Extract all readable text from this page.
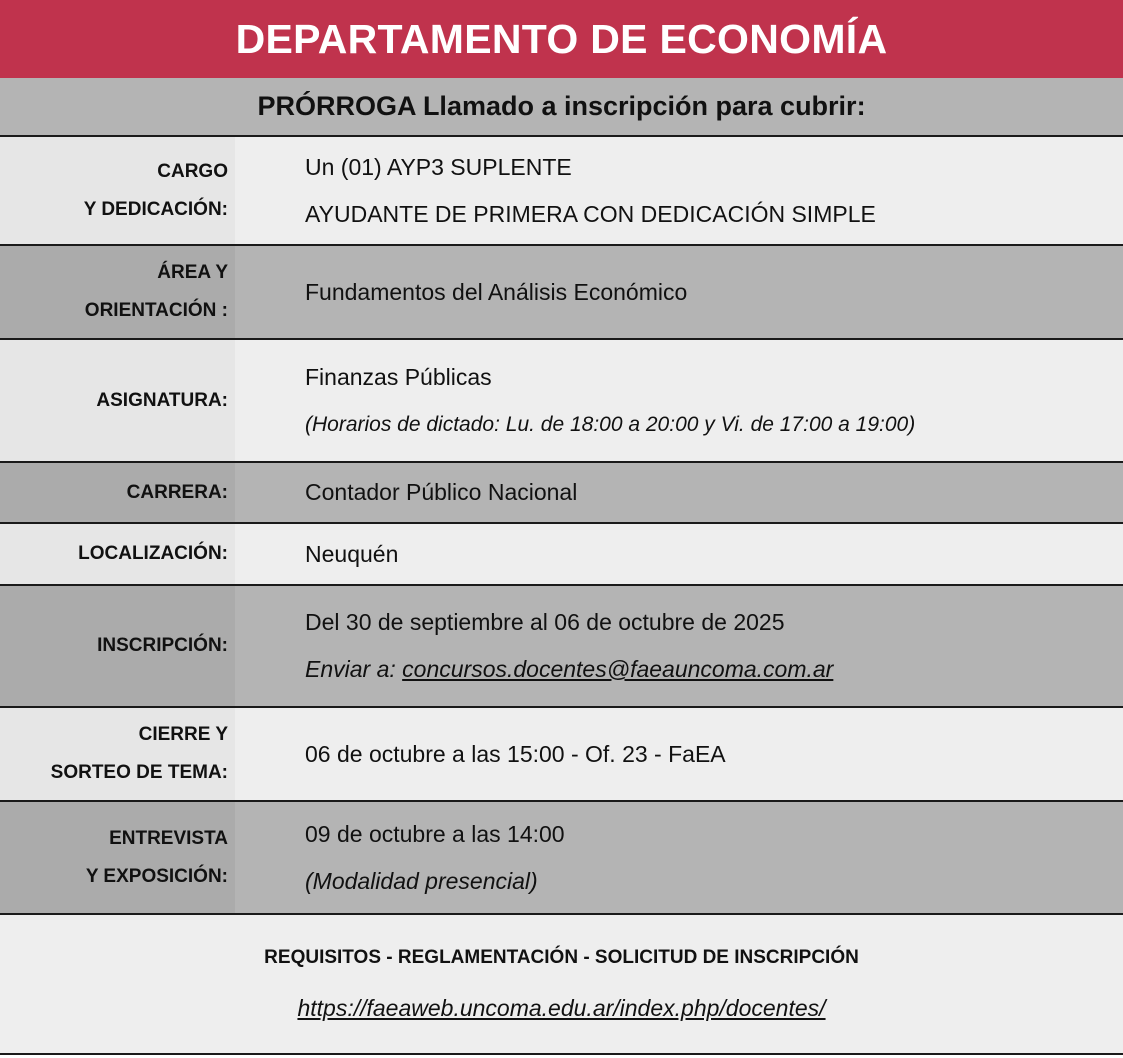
DEPARTAMENTO DE ECONOMÍA
PRÓRROGA Llamado a inscripción para cubrir:
CARGO
Y DEDICACIÓN:
Un (01) AYP3 SUPLENTE
AYUDANTE DE PRIMERA CON DEDICACIÓN SIMPLE
ÁREA Y
ORIENTACIÓN :
Fundamentos del Análisis Económico
ASIGNATURA:
Finanzas Públicas
(Horarios de dictado: Lu. de 18:00 a 20:00 y Vi. de 17:00 a 19:00)
CARRERA:	Contador Público Nacional
LOCALIZACIÓN:	Neuquén
INSCRIPCIÓN:
Del 30 de septiembre al 06 de octubre de 2025
Enviar a: concursos.docentes@faeauncoma.com.ar
CIERRE Y
SORTEO DE TEMA:
06 de octubre a las 15:00 - Of. 23 - FaEA
ENTREVISTA
Y EXPOSICIÓN:
09 de octubre a las 14:00
(Modalidad presencial)
REQUISITOS - REGLAMENTACIÓN - SOLICITUD DE INSCRIPCIÓN
https://faeaweb.uncoma.edu.ar/index.php/docentes/
